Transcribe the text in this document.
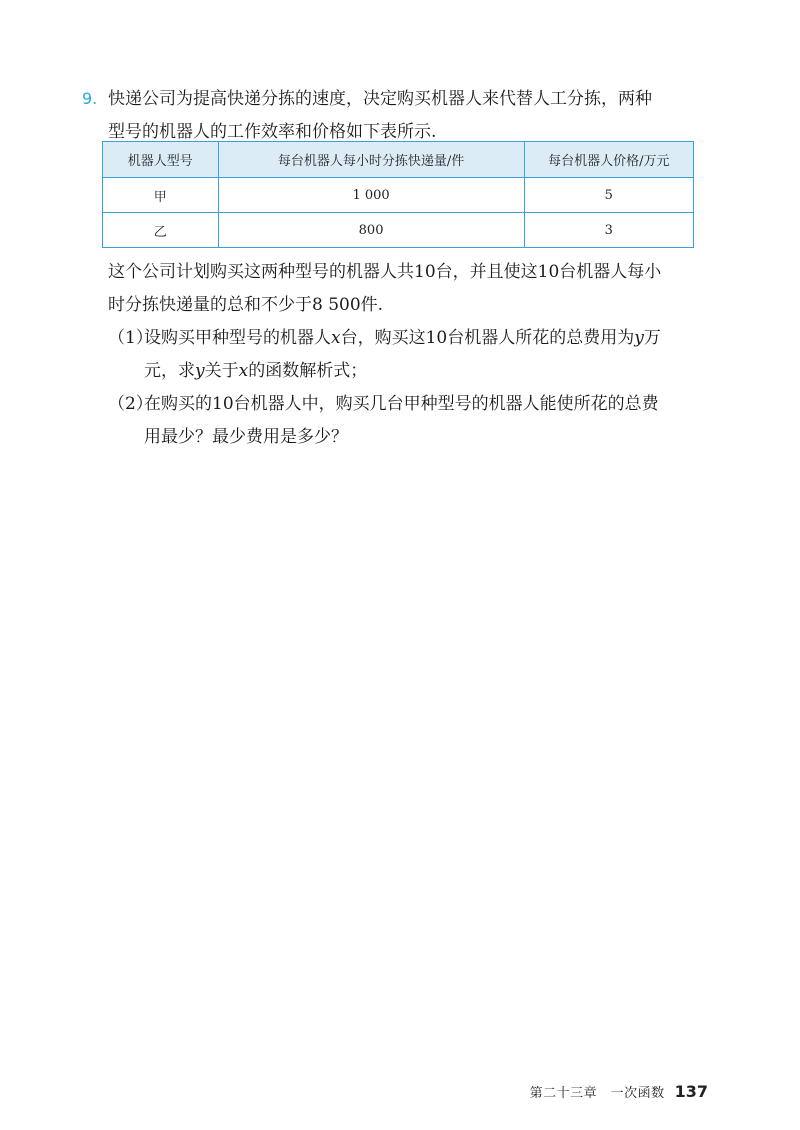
9. 快递公司为提高快递分拣的速度，决定购买机器人来代替人工分拣，两种
型号的机器人的工作效率和价格如下表所示.

机器人型号	每台机器人每小时分拣快递量/件	每台机器人价格/万元
甲	1 000	5
乙	800	3

这个公司计划购买这两种型号的机器人共10台，并且使这10台机器人每小
时分拣快递量的总和不少于8 500件.

（1）
设购买甲种型号的机器人x台，购买这10台机器人所花的总费用为y万
元，求y关于x的函数解析式；

（2）
在购买的10台机器人中，购买几台甲种型号的机器人能使所花的总费
用最少？最少费用是多少？

第二十三章　一次函数 137
